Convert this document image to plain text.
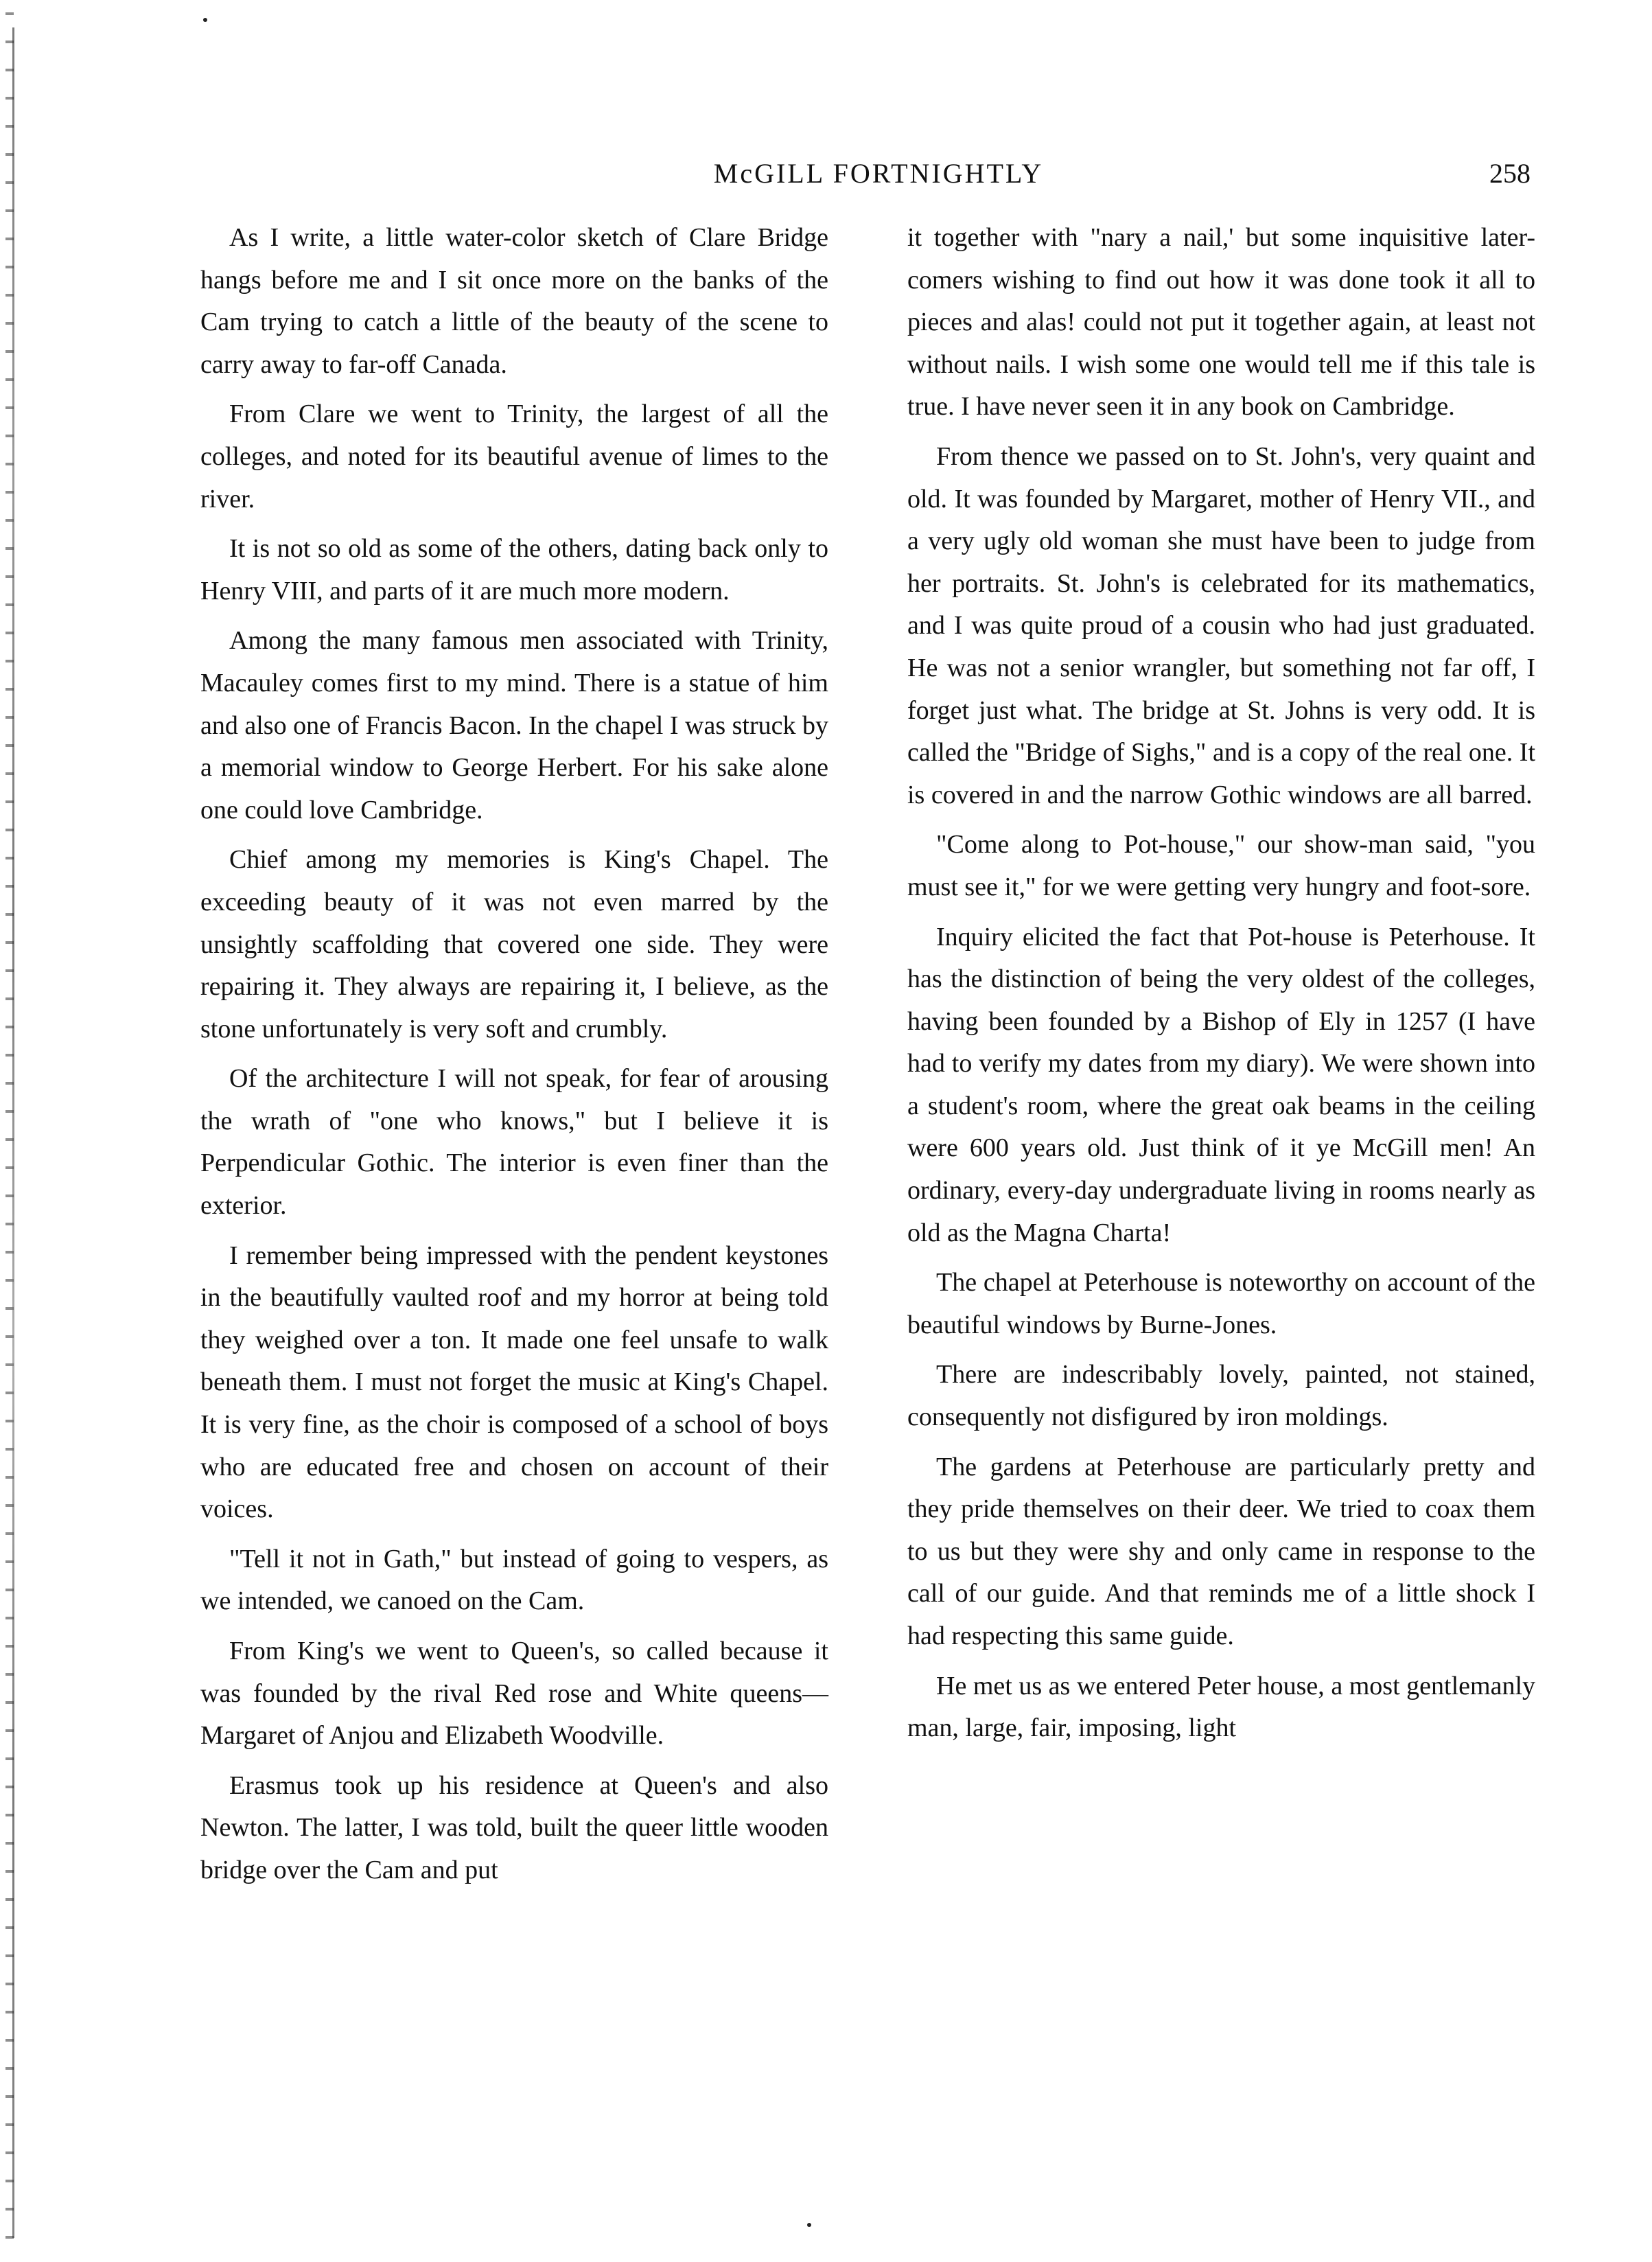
McGILL FORTNIGHTLY	258

As I write, a little water-color sketch of Clare Bridge hangs before me and I sit once more on the banks of the Cam trying to catch a little of the beauty of the scene to carry away to far-off Canada.

From Clare we went to Trinity, the largest of all the colleges, and noted for its beautiful avenue of limes to the river.

It is not so old as some of the others, dating back only to Henry VIII, and parts of it are much more modern.

Among the many famous men associated with Trinity, Macauley comes first to my mind. There is a statue of him and also one of Francis Bacon. In the chapel I was struck by a memorial window to George Herbert. For his sake alone one could love Cambridge.

Chief among my memories is King's Chapel. The exceeding beauty of it was not even marred by the unsightly scaffolding that covered one side. They were repairing it. They always are repairing it, I believe, as the stone unfortunately is very soft and crumbly.

Of the architecture I will not speak, for fear of arousing the wrath of "one who knows," but I believe it is Perpendicular Gothic. The interior is even finer than the exterior.

I remember being impressed with the pendent keystones in the beautifully vaulted roof and my horror at being told they weighed over a ton. It made one feel unsafe to walk beneath them. I must not forget the music at King's Chapel. It is very fine, as the choir is composed of a school of boys who are educated free and chosen on account of their voices.

"Tell it not in Gath," but instead of going to vespers, as we intended, we canoed on the Cam.

From King's we went to Queen's, so called because it was founded by the rival Red rose and White queens—Margaret of Anjou and Elizabeth Woodville.

Erasmus took up his residence at Queen's and also Newton. The latter, I was told, built the queer little wooden bridge over the Cam and put

it together with "nary a nail,' but some inquisitive later-comers wishing to find out how it was done took it all to pieces and alas! could not put it together again, at least not without nails. I wish some one would tell me if this tale is true. I have never seen it in any book on Cambridge.

From thence we passed on to St. John's, very quaint and old. It was founded by Margaret, mother of Henry VII., and a very ugly old woman she must have been to judge from her portraits. St. John's is celebrated for its mathematics, and I was quite proud of a cousin who had just graduated. He was not a senior wrangler, but something not far off, I forget just what. The bridge at St. Johns is very odd. It is called the "Bridge of Sighs," and is a copy of the real one. It is covered in and the narrow Gothic windows are all barred.

"Come along to Pot-house," our show-man said, "you must see it," for we were getting very hungry and foot-sore.

Inquiry elicited the fact that Pot-house is Peterhouse. It has the distinction of being the very oldest of the colleges, having been founded by a Bishop of Ely in 1257 (I have had to verify my dates from my diary). We were shown into a student's room, where the great oak beams in the ceiling were 600 years old. Just think of it ye McGill men! An ordinary, every-day undergraduate living in rooms nearly as old as the Magna Charta!

The chapel at Peterhouse is noteworthy on account of the beautiful windows by Burne-Jones.

There are indescribably lovely, painted, not stained, consequently not disfigured by iron moldings.

The gardens at Peterhouse are particularly pretty and they pride themselves on their deer. We tried to coax them to us but they were shy and only came in response to the call of our guide. And that reminds me of a little shock I had respecting this same guide.

He met us as we entered Peter house, a most gentlemanly man, large, fair, imposing, light
